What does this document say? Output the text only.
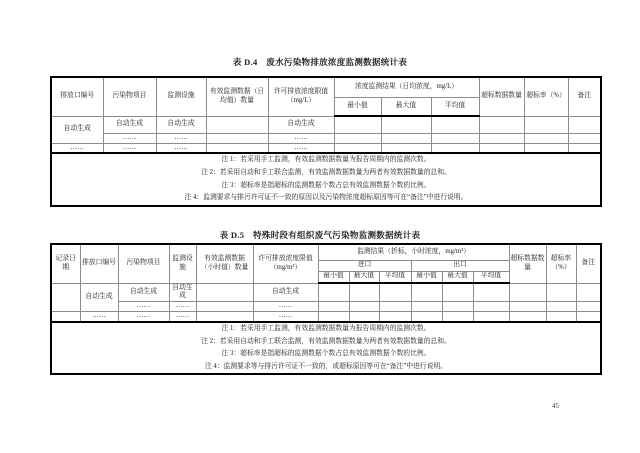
表 D.4　废水污染物排放浓度监测数据统计表
排放口编号	污染物项目	监测设施	有效监测数据（日均值）数量	许可排放浓度限值（mg/L）	浓度监测结果（日均浓度，mg/L）			超标数据数量	超标率（%）	备注
					最小值	最大值	平均值			
自动生成	自动生成	自动生成		自动生成						
	……	……		……						
……	……	……		……						

注 1：若采用手工监测，有效监测数据数量为报告周期内的监测次数。
注 2：若采用自动和手工联合监测，有效监测数据数量为两者有效数据数量的总和。
注 3：超标率是指超标的监测数据个数占总有效监测数据个数的比例。
注 4：监测要求与排污许可证不一致的原因以及污染物浓度超标原因等可在“备注”中进行说明。										
表 D.5　特殊时段有组织废气污染物监测数据统计表
记录日期	排放口编号	污染物项目	监测设施	有效监测数据（小时值）数量	许可排放浓度限值（mg/m³）	监测结果（折标，小时浓度，mg/m³）						超标数据数量	超标率（%）	备注
						进口			出口					
						最小值	最大值	平均值	最小值	最大值	平均值			
	自动生成	自动生成	自动生成		自动生成									
		……	……		……									
	……	……	……		……									

注 1：若采用手工监测，有效监测数据数量为报告周期内的监测次数。
注 2：若采用自动和手工联合监测，有效监测数据数量为两者有效数据数量的总和。
注 3：超标率是指超标的监测数据个数占总有效监测数据个数的比例。
注 4：监测要求等与排污许可证不一致的，或超标原因等可在“备注”中进行说明。														
45
